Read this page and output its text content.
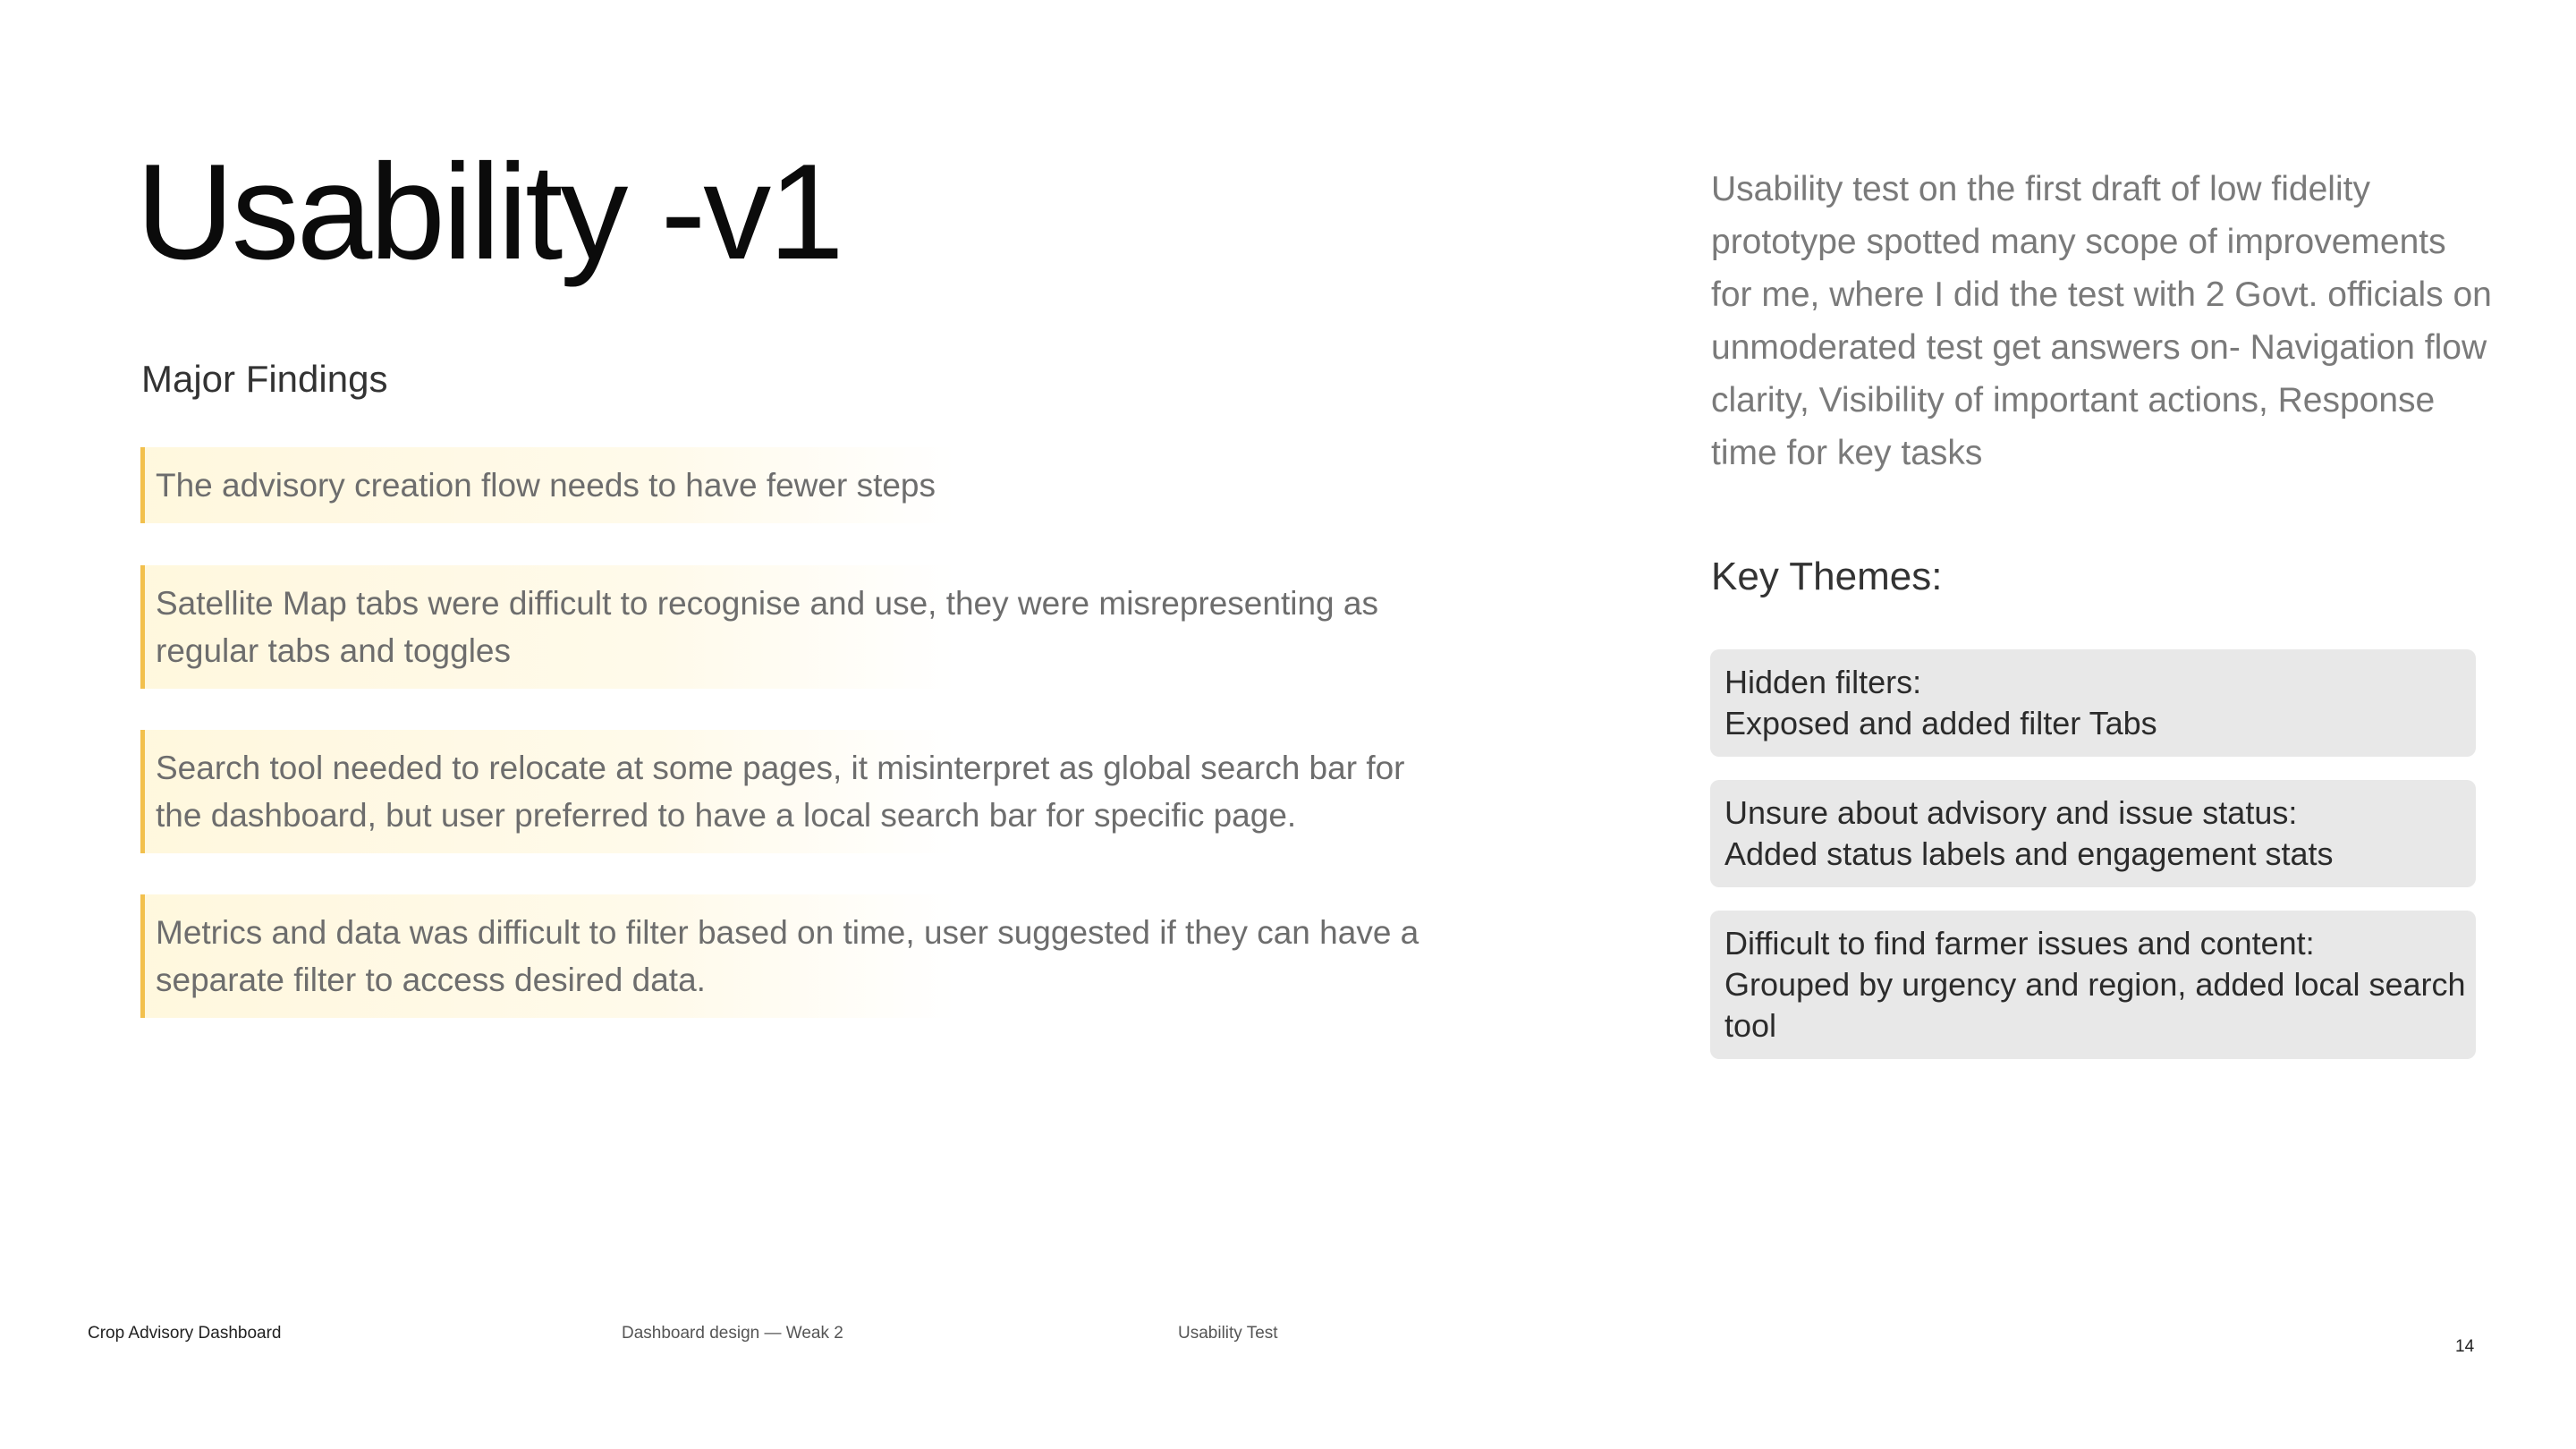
Usability -v1
Major Findings
The advisory creation flow needs to have fewer steps
Satellite Map tabs were difficult to recognise and use, they were misrepresenting as
regular tabs and toggles
Search tool needed to relocate at some pages, it misinterpret as global search bar for
the dashboard, but user preferred to have a local search bar for specific page.
Metrics and data was difficult to filter based on time, user suggested if they can have a
separate filter to access desired data.

Usability test on the first draft of low fidelity
prototype spotted many scope of improvements
for me, where I did the test with 2 Govt. officials on
unmoderated test get answers on- Navigation flow
clarity, Visibility of important actions, Response
time for key tasks

Key Themes:
Hidden filters:
Exposed and added filter Tabs
Unsure about advisory and issue status:
Added status labels and engagement stats
Difficult to find farmer issues and content:
Grouped by urgency and region, added local search
tool
Crop Advisory Dashboard	Dashboard design — Weak 2	Usability Test
14
